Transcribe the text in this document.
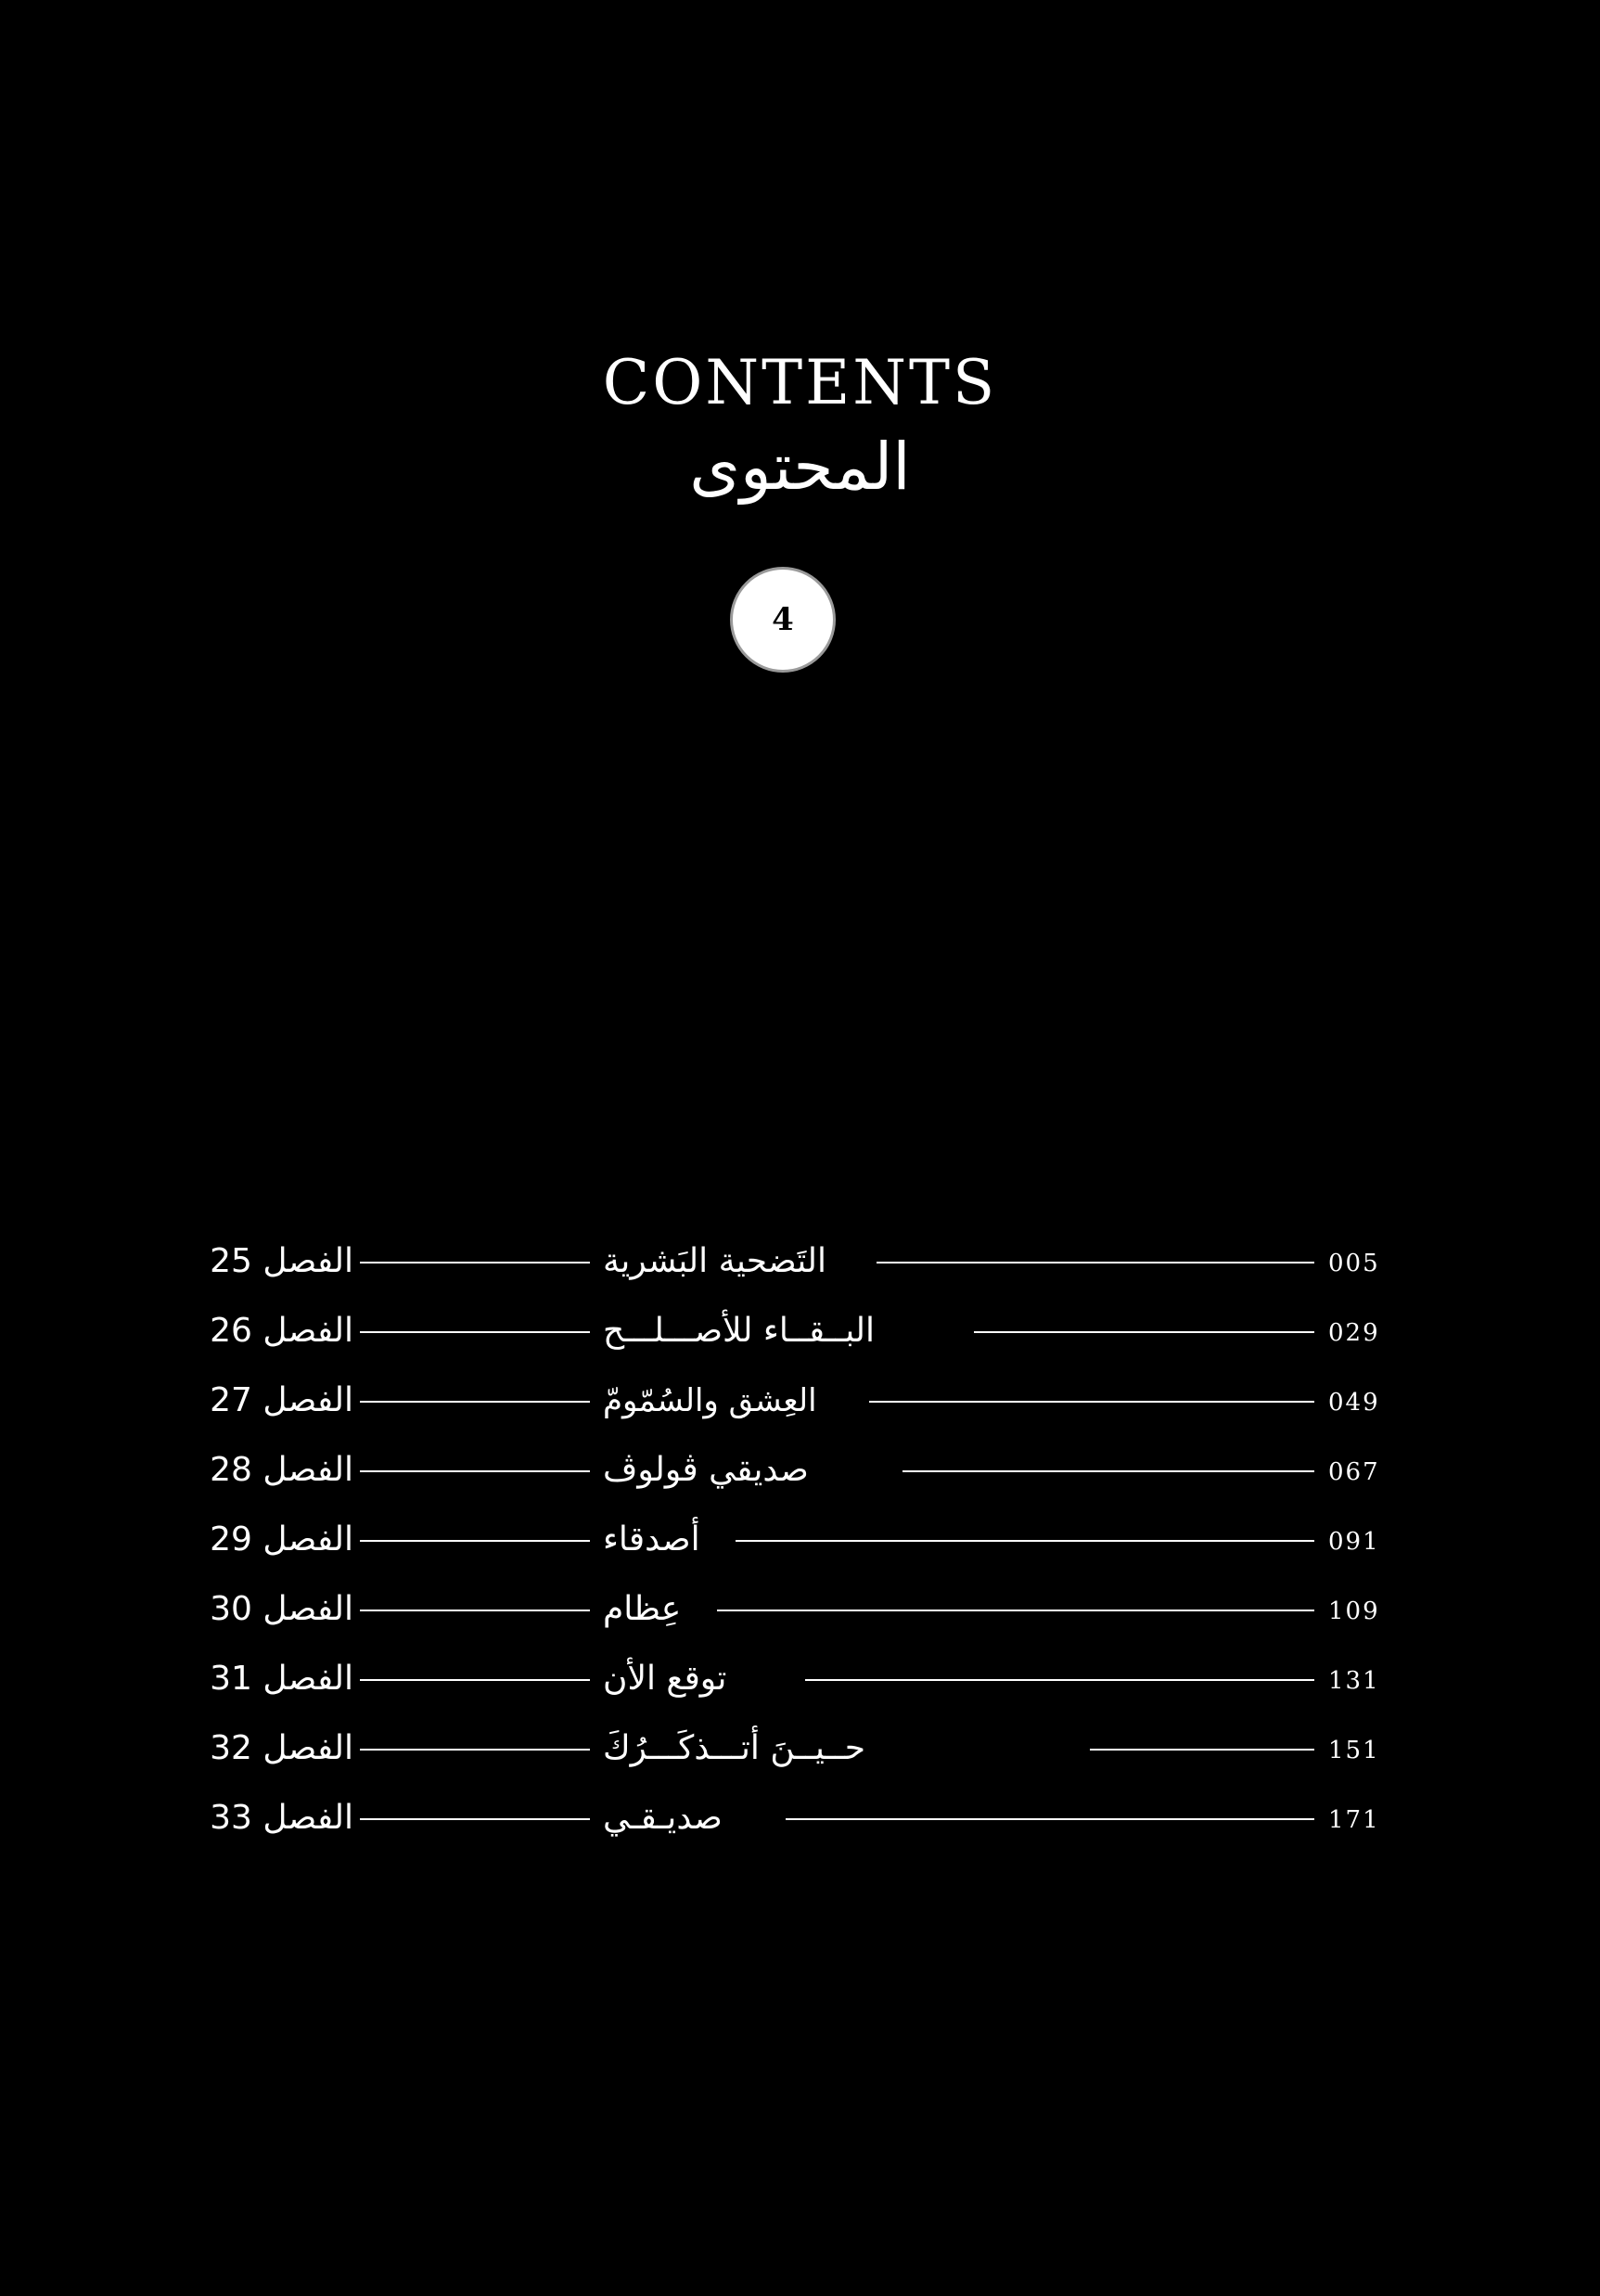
CONTENTS
المحتوى
4
الفصل 25	التَضحية البَشرية	005
الفصل 26	البــقــاء للأصـــلـــح	029
الفصل 27	العِشق والسُمّومّ	049
الفصل 28	صديقي ڤولوڤ	067
الفصل 29	أصدقاء	091
الفصل 30	عِظام	109
الفصل 31	توقع الأن	131
الفصل 32	حــيــنَ أتـــذكَـــرُكَ	151
الفصل 33	صديـقـي	171
